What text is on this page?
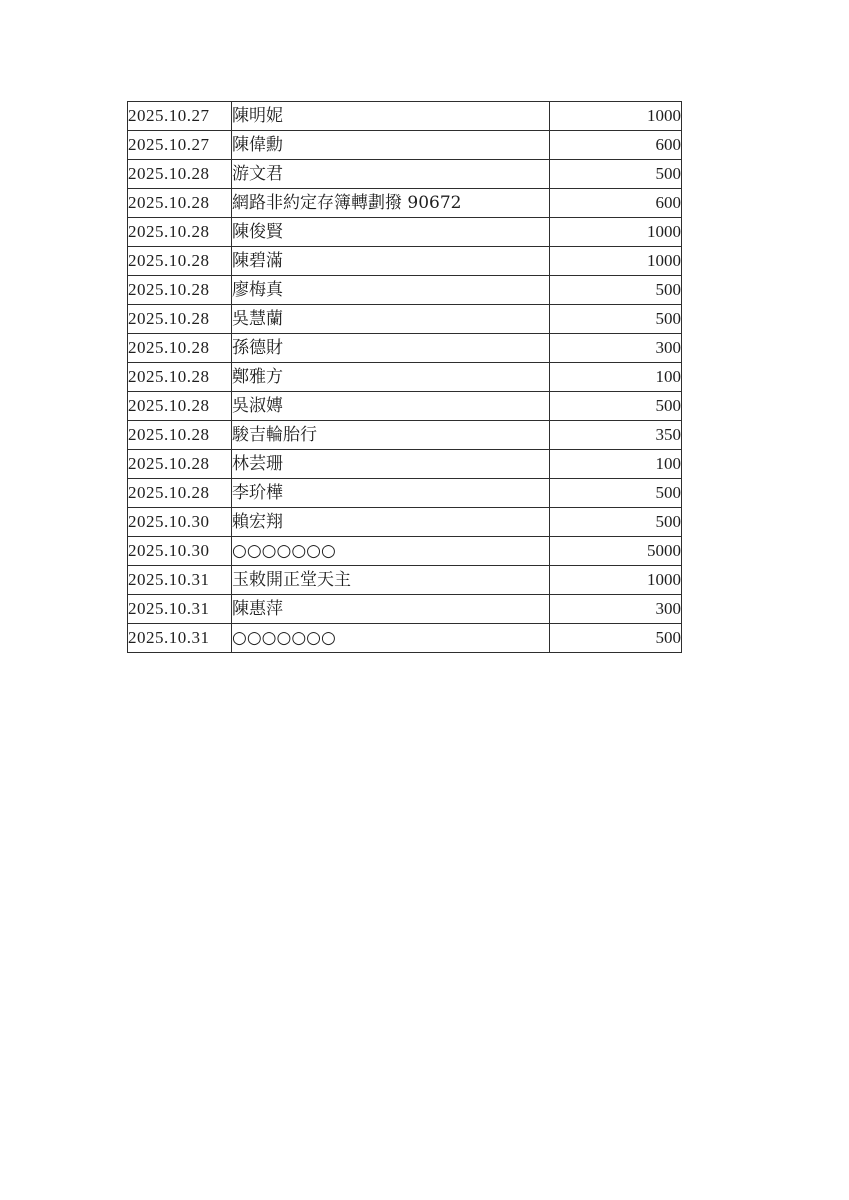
2025.10.27	陳明妮	1000
2025.10.27	陳偉勳	600
2025.10.28	游文君	500
2025.10.28	網路非約定存簿轉劃撥 90672	600
2025.10.28	陳俊賢	1000
2025.10.28	陳碧滿	1000
2025.10.28	廖梅真	500
2025.10.28	吳慧蘭	500
2025.10.28	孫德財	300
2025.10.28	鄭雅方	100
2025.10.28	吳淑嫥	500
2025.10.28	駿吉輪胎行	350
2025.10.28	林芸珊	100
2025.10.28	李玠樺	500
2025.10.30	賴宏翔	500
2025.10.30	○○○○○○○	5000
2025.10.31	玉敕開正堂天主	1000
2025.10.31	陳惠萍	300
2025.10.31	○○○○○○○	500
